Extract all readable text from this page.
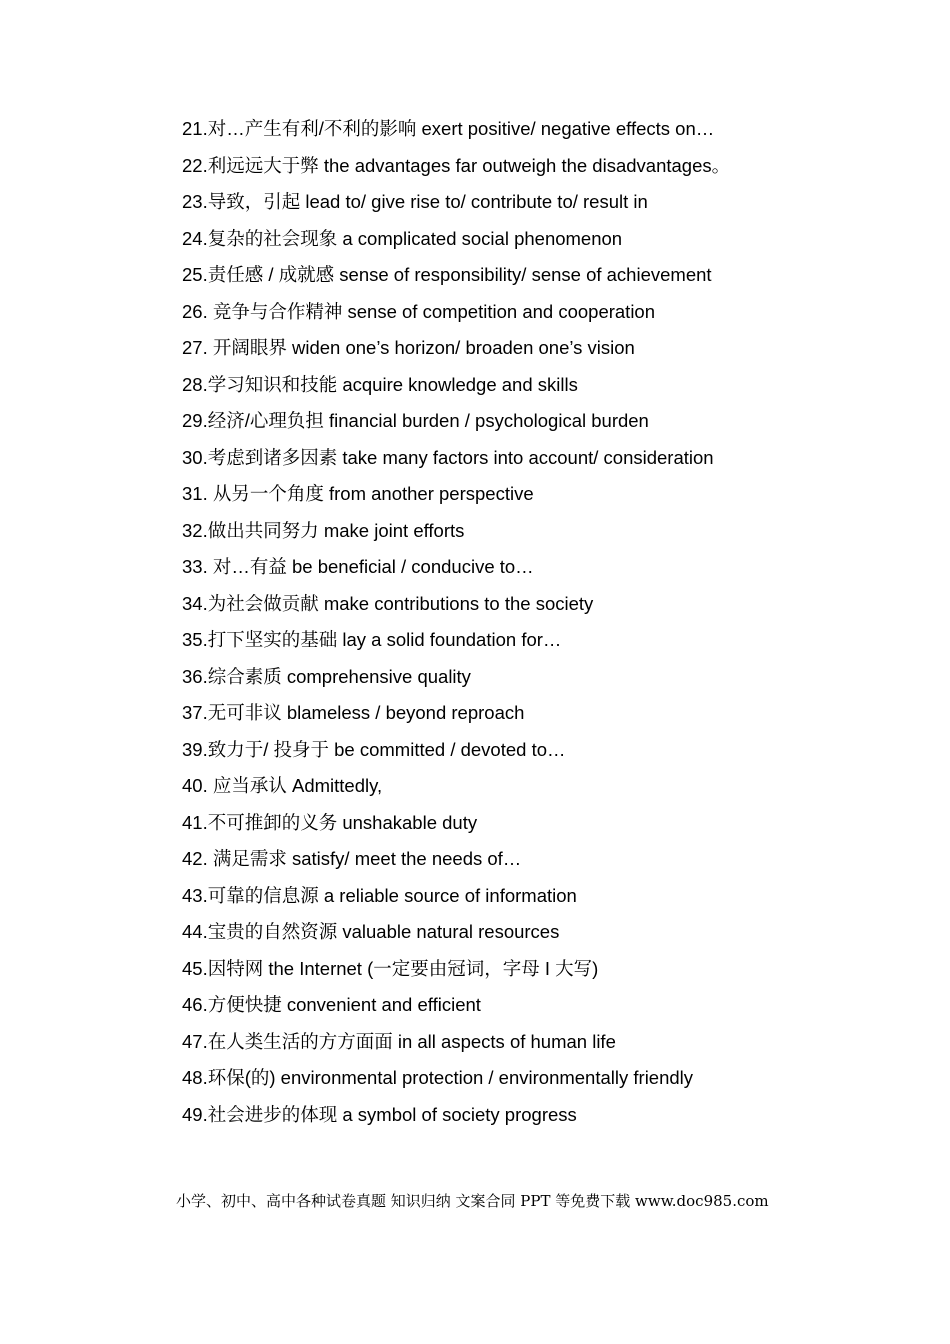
21.对…产生有利/不利的影响 exert positive/ negative effects on…
22.利远远大于弊 the advantages far outweigh the disadvantages。
23.导致，引起 lead to/ give rise to/ contribute to/ result in
24.复杂的社会现象 a complicated social phenomenon
25.责任感 / 成就感 sense of responsibility/ sense of achievement
26. 竞争与合作精神 sense of competition and cooperation
27. 开阔眼界 widen one’s horizon/ broaden one’s vision
28.学习知识和技能 acquire knowledge and skills
29.经济/心理负担 financial burden / psychological burden
30.考虑到诸多因素 take many factors into account/ consideration
31. 从另一个角度 from another perspective
32.做出共同努力 make joint efforts
33. 对…有益 be beneficial / conducive to…
34.为社会做贡献 make contributions to the society
35.打下坚实的基础 lay a solid foundation for…
36.综合素质 comprehensive quality
37.无可非议 blameless / beyond reproach
39.致力于/ 投身于 be committed / devoted to…
40. 应当承认 Admittedly,
41.不可推卸的义务 unshakable duty
42. 满足需求 satisfy/ meet the needs of…
43.可靠的信息源 a reliable source of information
44.宝贵的自然资源 valuable natural resources
45.因特网 the Internet (一定要由冠词，字母 I 大写)
46.方便快捷 convenient and efficient
47.在人类生活的方方面面 in all aspects of human life
48.环保(的) environmental protection / environmentally friendly
49.社会进步的体现 a symbol of society progress
小学、初中、高中各种试卷真题 知识归纳 文案合同 PPT 等免费下载 www.doc985.com
